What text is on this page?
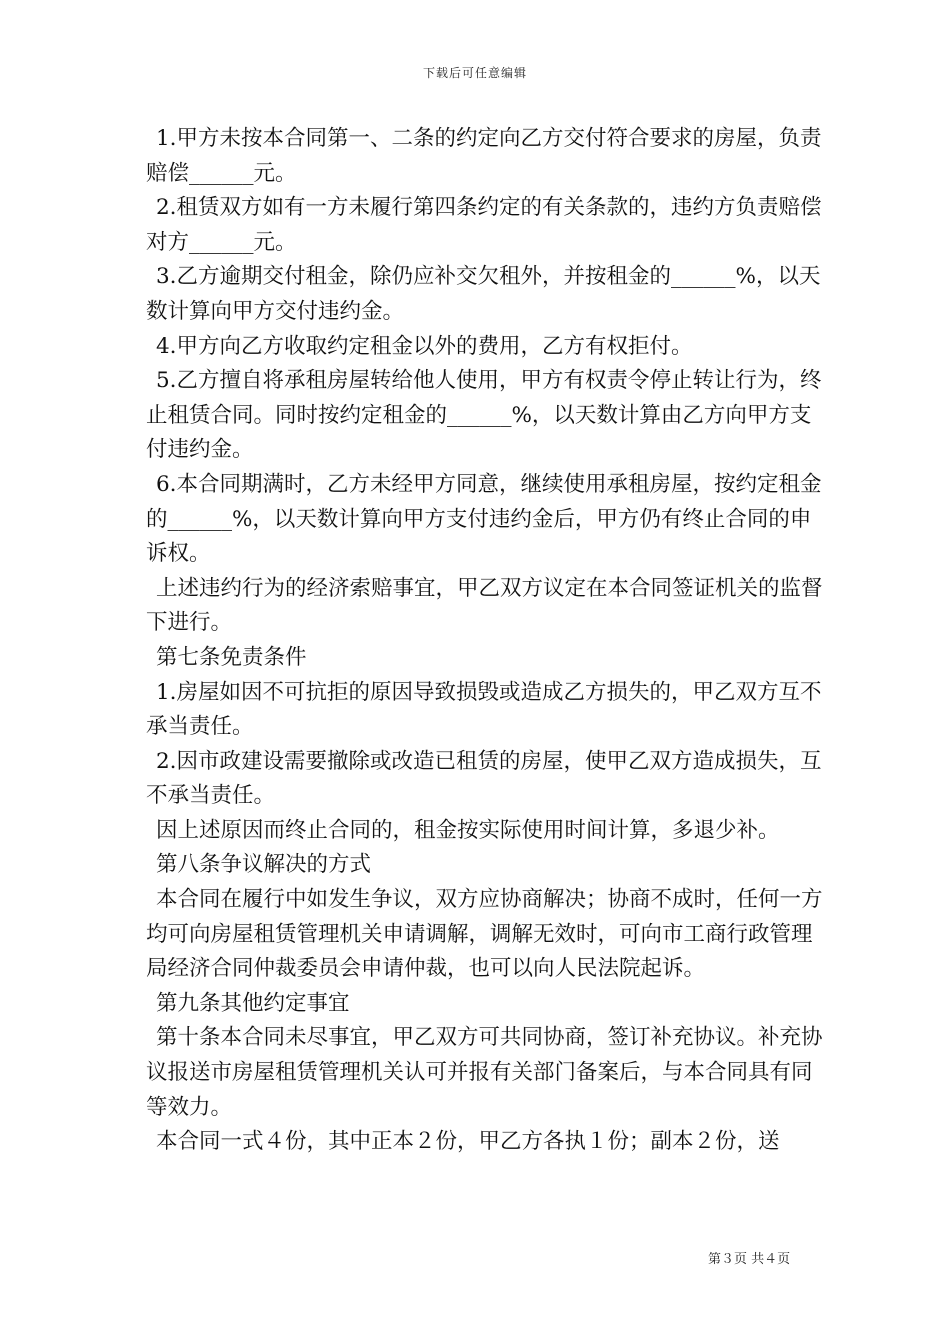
下载后可任意编辑

1.甲方未按本合同第一、二条的约定向乙方交付符合要求的房屋，负责赔偿______元。

2.租赁双方如有一方未履行第四条约定的有关条款的，违约方负责赔偿对方______元。

3.乙方逾期交付租金，除仍应补交欠租外，并按租金的______%，以天数计算向甲方交付违约金。

4.甲方向乙方收取约定租金以外的费用，乙方有权拒付。

5.乙方擅自将承租房屋转给他人使用，甲方有权责令停止转让行为，终止租赁合同。同时按约定租金的______%，以天数计算由乙方向甲方支付违约金。

6.本合同期满时，乙方未经甲方同意，继续使用承租房屋，按约定租金的______%，以天数计算向甲方支付违约金后，甲方仍有终止合同的申诉权。

上述违约行为的经济索赔事宜，甲乙双方议定在本合同签证机关的监督下进行。

第七条免责条件

1.房屋如因不可抗拒的原因导致损毁或造成乙方损失的，甲乙双方互不承当责任。

2.因市政建设需要撤除或改造已租赁的房屋，使甲乙双方造成损失，互不承当责任。

因上述原因而终止合同的，租金按实际使用时间计算，多退少补。

第八条争议解决的方式

本合同在履行中如发生争议，双方应协商解决；协商不成时，任何一方均可向房屋租赁管理机关申请调解，调解无效时，可向市工商行政管理局经济合同仲裁委员会申请仲裁，也可以向人民法院起诉。

第九条其他约定事宜

第十条本合同未尽事宜，甲乙双方可共同协商，签订补充协议。补充协议报送市房屋租赁管理机关认可并报有关部门备案后，与本合同具有同等效力。

本合同一式４份，其中正本２份，甲乙方各执１份；副本２份，送

第３页 共４页
